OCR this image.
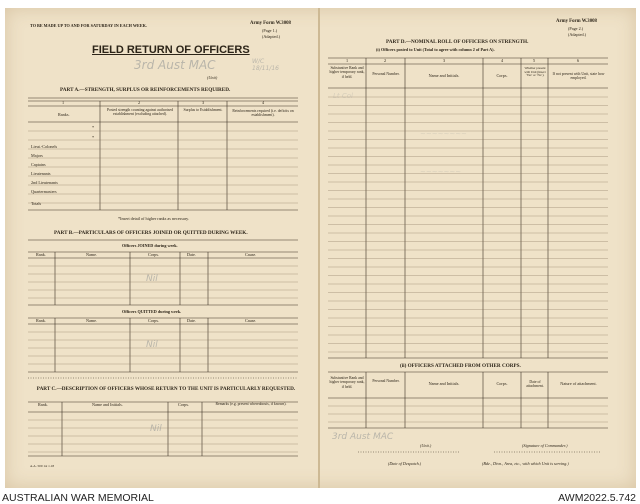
TO BE MADE UP TO AND FOR SATURDAY IN EACH WEEK.	Army Form W.3008
(Page 1.)
(Adapted.)
FIELD RETURN OF OFFICERS
3rd Aust MAC	W/C 18/11/16
(Unit)
PART A.—STRENGTH, SURPLUS OR REINFORCEMENTS REQUIRED.
1	2	3	4
Ranks.
Posted strength counting against authorised establishment (excluding attached).
Surplus to Establishment.	Reinforcements required (i.e. deficits on establishment).
*
*
Lieut.-Colonels
Majors
Captains
Lieutenants
2nd Lieutenants
Quartermasters
Totals
*Insert detail of higher ranks as necessary.
PART B.—PARTICULARS OF OFFICERS JOINED OR QUITTED DURING WEEK.
Officers JOINED during week.
Rank.	Name.	Corps.	Date.	Cause.
Nil
Officers QUITTED during week.
Rank.	Name.	Corps.	Date.	Cause.
Nil
PART C.—DESCRIPTION OF OFFICERS WHOSE RETURN TO THE UNIT IS PARTICULARLY REQUESTED.
Rank.	Name and Initials.	Corps.	Remarks (e.g. present whereabouts, if known).
Nil
A.A. 500 1st 1.18
Army Form W.3008
(Page 2.)
(Adapted.)
PART D.—NOMINAL ROLL OF OFFICERS ON STRENGTH.
(i) Officers posted to Unit (Total to agree with column 2 of Part A).
1	2	3	4	5	6
Substantive Rank and higher temporary rank, if held.
Personal Number.	Name and Initials.	Corps.
Whether present with Unit (Insert ‘Yes’ or ‘No’).	If not present with Unit, state how employed.
Lt Col
~~~~~~~~
~~~~~~~
(ii) OFFICERS ATTACHED FROM OTHER CORPS.
Substantive Rank and higher temporary rank, if held.
Personal Number.	Name and Initials.	Corps.	Date of attachment.
Nature of attachment.
3rd Aust MAC
(Unit.)	(Signature of Commander.)
(Date of Despatch.)	(Bde., Divn., Area, etc., with which Unit is serving.)
AUSTRALIAN WAR MEMORIAL	AWM2022.5.742
